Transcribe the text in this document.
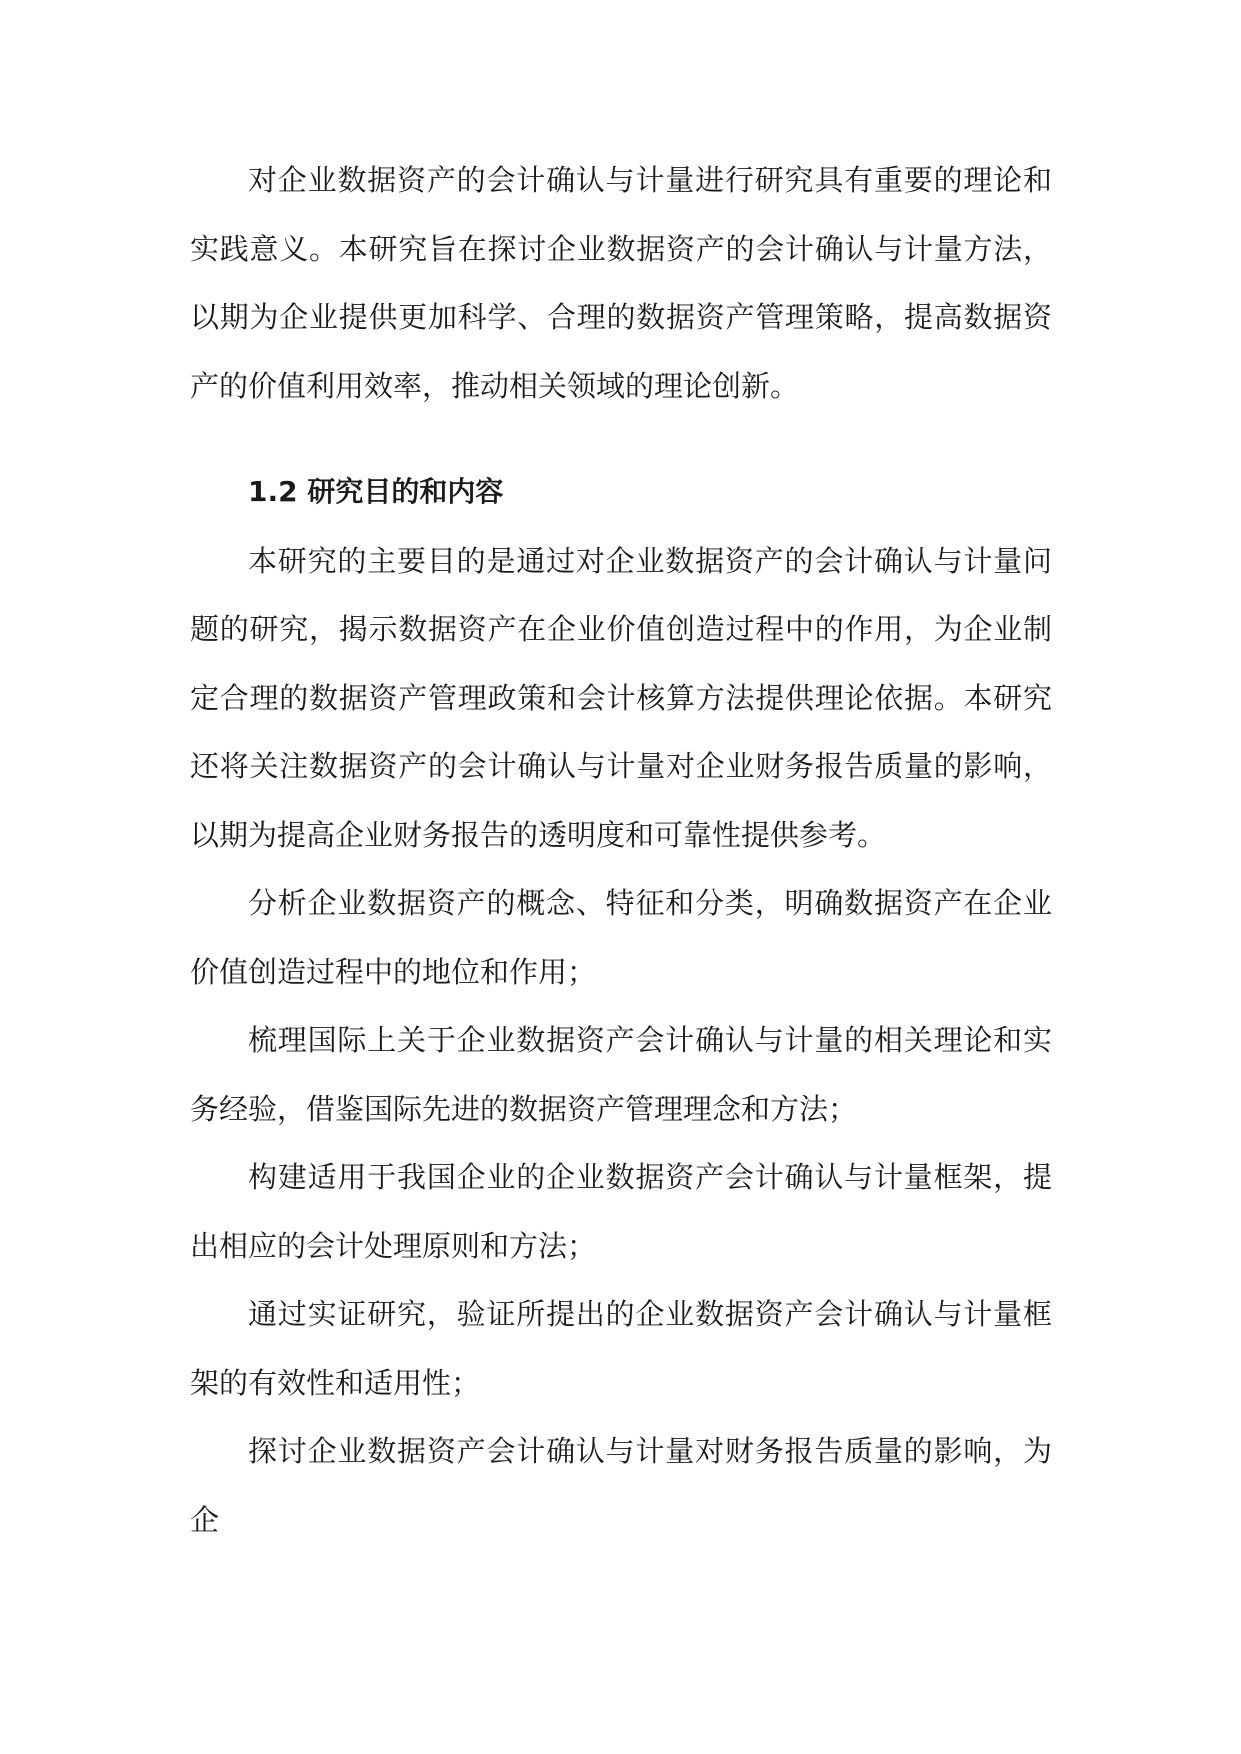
对企业数据资产的会计确认与计量进行研究具有重要的理论和实践意义。本研究旨在探讨企业数据资产的会计确认与计量方法，以期为企业提供更加科学、合理的数据资产管理策略，提高数据资产的价值利用效率，推动相关领域的理论创新。

1.2 研究目的和内容

本研究的主要目的是通过对企业数据资产的会计确认与计量问题的研究，揭示数据资产在企业价值创造过程中的作用，为企业制定合理的数据资产管理政策和会计核算方法提供理论依据。本研究还将关注数据资产的会计确认与计量对企业财务报告质量的影响，以期为提高企业财务报告的透明度和可靠性提供参考。

分析企业数据资产的概念、特征和分类，明确数据资产在企业价值创造过程中的地位和作用；

梳理国际上关于企业数据资产会计确认与计量的相关理论和实务经验，借鉴国际先进的数据资产管理理念和方法；

构建适用于我国企业的企业数据资产会计确认与计量框架，提出相应的会计处理原则和方法；

通过实证研究，验证所提出的企业数据资产会计确认与计量框架的有效性和适用性；

探讨企业数据资产会计确认与计量对财务报告质量的影响，为企
